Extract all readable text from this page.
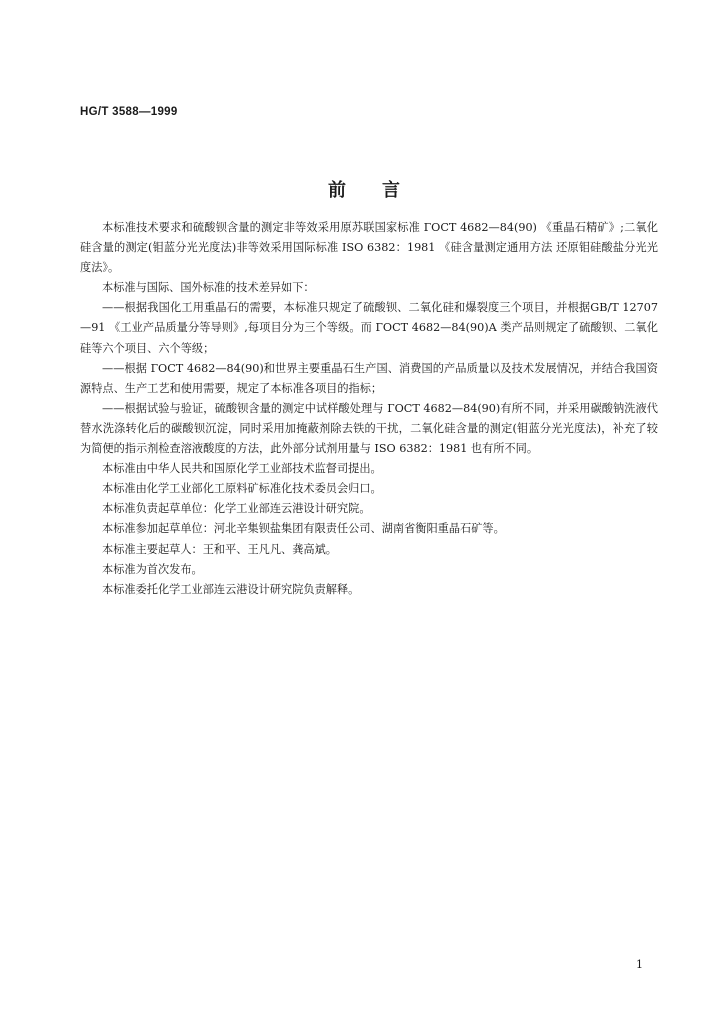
HG/T 3588—1999
前言

本标准技术要求和硫酸钡含量的测定非等效采用原苏联国家标准 ГОСТ 4682—84(90) 《重晶石精矿》;二氧化硅含量的测定(钼蓝分光光度法)非等效采用国际标准 ISO 6382：1981 《硅含量测定通用方法 还原钼硅酸盐分光光度法》。

本标准与国际、国外标准的技术差异如下：

——根据我国化工用重晶石的需要，本标准只规定了硫酸钡、二氧化硅和爆裂度三个项目，并根据GB/T 12707—91 《工业产品质量分等导则》,每项目分为三个等级。而 ГОСТ 4682—84(90)A 类产品则规定了硫酸钡、二氧化硅等六个项目、六个等级；

——根据 ГОСТ 4682—84(90)和世界主要重晶石生产国、消费国的产品质量以及技术发展情况，并结合我国资源特点、生产工艺和使用需要，规定了本标准各项目的指标；

——根据试验与验证，硫酸钡含量的测定中试样酸处理与 ГОСТ 4682—84(90)有所不同，并采用碳酸钠洗液代替水洗涤转化后的碳酸钡沉淀，同时采用加掩蔽剂除去铁的干扰，二氧化硅含量的测定(钼蓝分光光度法)，补充了较为简便的指示剂检查溶液酸度的方法，此外部分试剂用量与 ISO 6382：1981 也有所不同。

本标准由中华人民共和国原化学工业部技术监督司提出。

本标准由化学工业部化工原料矿标准化技术委员会归口。

本标准负责起草单位：化学工业部连云港设计研究院。

本标准参加起草单位：河北辛集钡盐集团有限责任公司、湖南省衡阳重晶石矿等。

本标准主要起草人：王和平、王凡凡、龚高斌。

本标准为首次发布。

本标准委托化学工业部连云港设计研究院负责解释。

1
